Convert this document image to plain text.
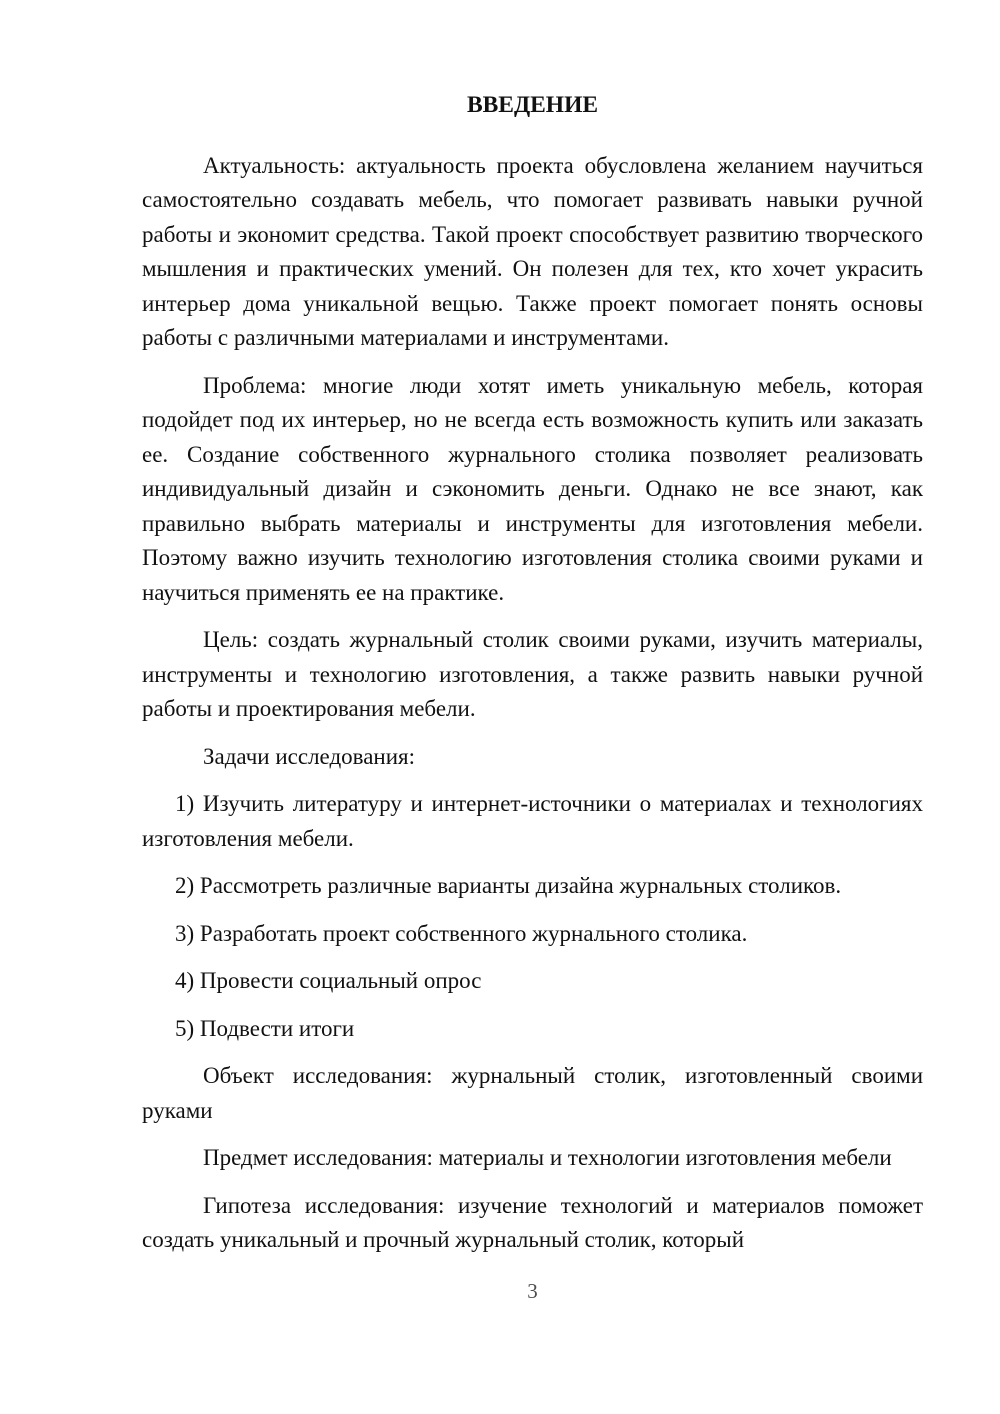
ВВЕДЕНИЕ

Актуальность: актуальность проекта обусловлена желанием научиться самостоятельно создавать мебель, что помогает развивать навыки ручной работы и экономит средства. Такой проект способствует развитию творческого мышления и практических умений. Он полезен для тех, кто хочет украсить интерьер дома уникальной вещью. Также проект помогает понять основы работы с различными материалами и инструментами.

Проблема: многие люди хотят иметь уникальную мебель, которая подойдет под их интерьер, но не всегда есть возможность купить или заказать ее. Создание собственного журнального столика позволяет реализовать индивидуальный дизайн и сэкономить деньги. Однако не все знают, как правильно выбрать материалы и инструменты для изготовления мебели. Поэтому важно изучить технологию изготовления столика своими руками и научиться применять ее на практике.

Цель: создать журнальный столик своими руками, изучить материалы, инструменты и технологию изготовления, а также развить навыки ручной работы и проектирования мебели.

Задачи исследования:

1) Изучить литературу и интернет-источники о материалах и технологиях изготовления мебели.

2) Рассмотреть различные варианты дизайна журнальных столиков.

3) Разработать проект собственного журнального столика.

4) Провести социальный опрос

5) Подвести итоги

Объект исследования: журнальный столик, изготовленный своими руками

Предмет исследования: материалы и технологии изготовления мебели

Гипотеза исследования: изучение технологий и материалов поможет создать уникальный и прочный журнальный столик, который

3
